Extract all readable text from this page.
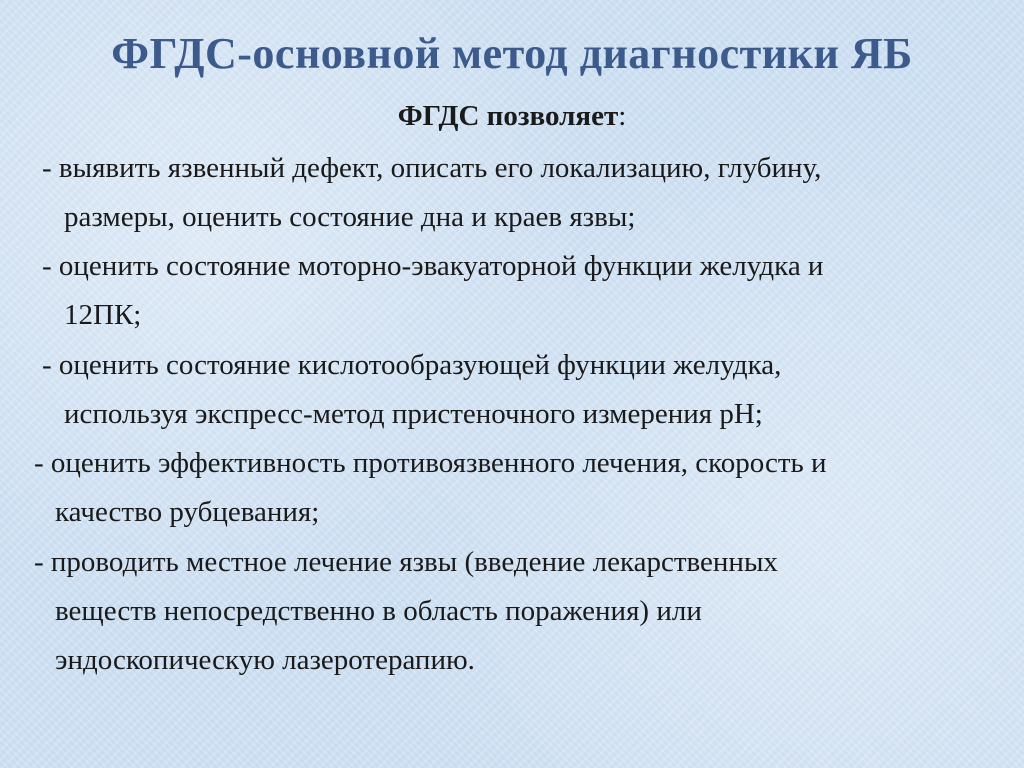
ФГДС-основной метод диагностики ЯБ
ФГДС позволяет:

- выявить язвенный дефект, описать его локализацию, глубину,

размеры, оценить состояние дна и краев язвы;

- оценить состояние моторно-эвакуаторной функции желудка и

12ПК;

- оценить состояние кислотообразующей функции желудка,

используя экспресс-метод пристеночного измерения рН;

- оценить эффективность противоязвенного лечения, скорость и

качество рубцевания;

- проводить местное лечение язвы (введение лекарственных

веществ непосредственно в область поражения) или

эндоскопическую лазеротерапию.
